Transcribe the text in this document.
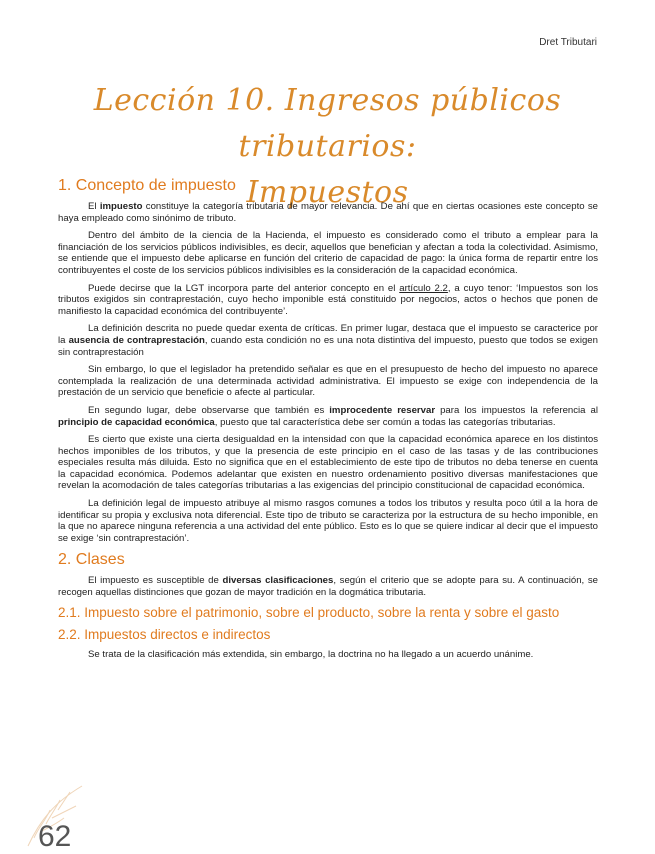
Dret Tributari
Lección 10. Ingresos públicos tributarios:
Impuestos
1. Concepto de impuesto

El impuesto constituye la categoría tributaria de mayor relevancia. De ahí que en ciertas ocasiones este concepto se haya empleado como sinónimo de tributo.

Dentro del ámbito de la ciencia de la Hacienda, el impuesto es considerado como el tributo a emplear para la financiación de los servicios públicos indivisibles, es decir, aquellos que benefician y afectan a toda la colectividad. Asimismo, se entiende que el impuesto debe aplicarse en función del criterio de capacidad de pago: la única forma de repartir entre los contribuyentes el coste de los servicios públicos indivisibles es la consideración de la capacidad económica.

Puede decirse que la LGT incorpora parte del anterior concepto en el artículo 2.2, a cuyo tenor: ‘Impuestos son los tributos exigidos sin contraprestación, cuyo hecho imponible está constituido por negocios, actos o hechos que ponen de manifiesto la capacidad económica del contribuyente’.

La definición descrita no puede quedar exenta de críticas. En primer lugar, destaca que el impuesto se caracterice por la ausencia de contraprestación, cuando esta condición no es una nota distintiva del impuesto, puesto que todos se exigen sin contraprestación

Sin embargo, lo que el legislador ha pretendido señalar es que en el presupuesto de hecho del impuesto no aparece contemplada la realización de una determinada actividad administrativa. El impuesto se exige con independencia de la prestación de un servicio que beneficie o afecte al particular.

En segundo lugar, debe observarse que también es improcedente reservar para los impuestos la referencia al principio de capacidad económica, puesto que tal característica debe ser común a todas las categorías tributarias.

Es cierto que existe una cierta desigualdad en la intensidad con que la capacidad económica aparece en los distintos hechos imponibles de los tributos, y que la presencia de este principio en el caso de las tasas y de las contribuciones especiales resulta más diluida. Esto no significa que en el establecimiento de este tipo de tributos no deba tenerse en cuenta la capacidad económica. Podemos adelantar que existen en nuestro ordenamiento positivo diversas manifestaciones que revelan la acomodación de tales categorías tributarias a las exigencias del principio constitucional de capacidad económica.

La definición legal de impuesto atribuye al mismo rasgos comunes a todos los tributos y resulta poco útil a la hora de identificar su propia y exclusiva nota diferencial. Este tipo de tributo se caracteriza por la estructura de su hecho imponible, en la que no aparece ninguna referencia a una actividad del ente público. Esto es lo que se quiere indicar al decir que el impuesto se exige ‘sin contraprestación’.

2. Clases

El impuesto es susceptible de diversas clasificaciones, según el criterio que se adopte para su. A continuación, se recogen aquellas distinciones que gozan de mayor tradición en la dogmática tributaria.

2.1. Impuesto sobre el patrimonio, sobre el producto, sobre la renta y sobre el gasto
2.2. Impuestos directos e indirectos

Se trata de la clasificación más extendida, sin embargo, la doctrina no ha llegado a un acuerdo unánime.

62
